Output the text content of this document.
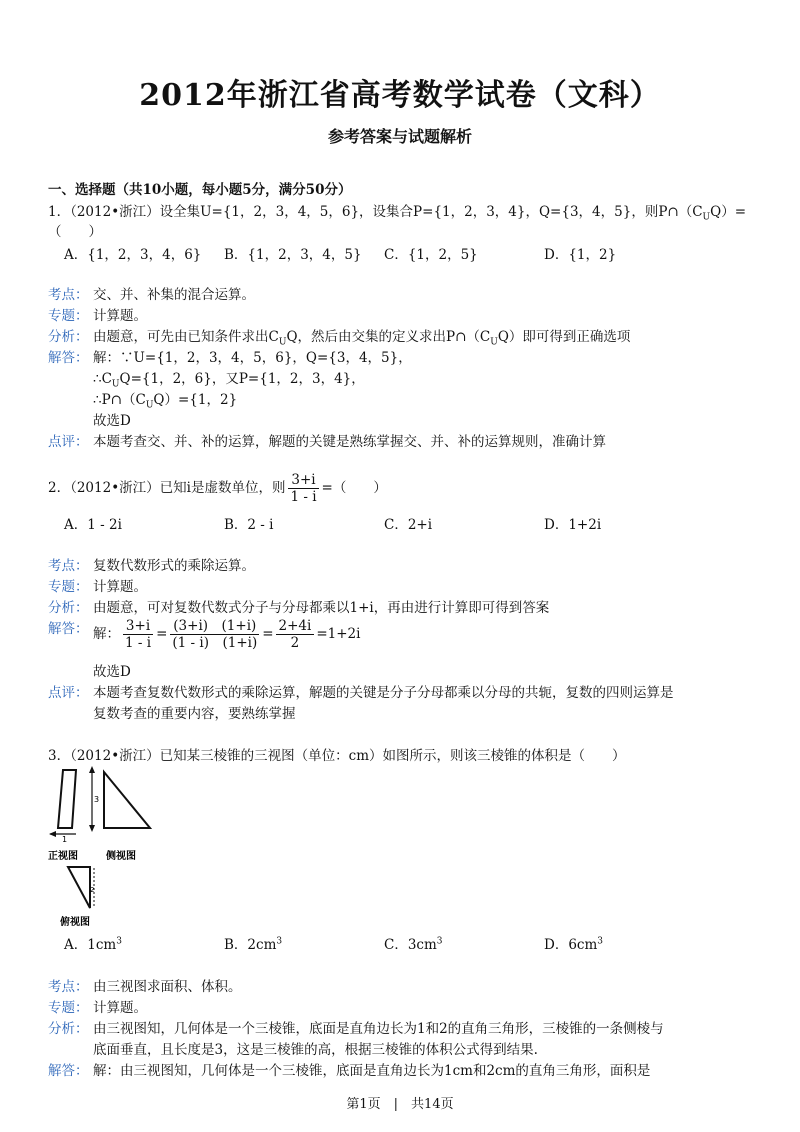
2012年浙江省高考数学试卷（文科）
参考答案与试题解析
一、选择题（共10小题，每小题5分，满分50分）
1．（2012•浙江）设全集U={1，2，3，4，5，6}，设集合P={1，2，3，4}，Q={3，4，5}，则$P\cap(C_UQ)=$
（　　）
A．{1，2，3，4，6} B．{1，2，3，4，5} C．{1，2，5}	D．{1，2}
考点： 交、并、补集的混合运算。
专题： 计算题。
分析： 由题意，可先由已知条件求出$C_UQ$，然后由交集的定义求出$P\cap(C_UQ)$即可得到正确选项
解答： 解：∵U={1，2，3，4，5，6}，Q={3，4，5}，
$\therefore C_UQ=\{1$，2，6}，又P={1，2，3，4}，
$\therefore P\cap(C_UQ)=\{1$，2}
故选D
点评： 本题考查交、并、补的运算，解题的关键是熟练掌握交、并、补的运算规则，准确计算
2．（2012•浙江）已知i是虚数单位，则 $\frac{3+i}{1 - i}$ =（　　）
A．1 - 2i	B．2 - i	C．2+i	D．1+2i
考点： 复数代数形式的乘除运算。
专题： 计算题。
分析： 由题意，可对复数代数式分子与分母都乘以1+i，再由进行计算即可得到答案
解答： 解： $\frac{3+i}{1 - i} = \frac{(3+i) (1+i)}{(1 - i) (1+i)} = \frac{2+4i}{2} =1+2i$
故选D
点评： 本题考查复数代数形式的乘除运算，解题的关键是分子分母都乘以分母的共轭，复数的四则运算是
复数考查的重要内容，要熟练掌握
3．（2012•浙江）已知某三棱锥的三视图（单位：cm）如图所示，则该三棱锥的体积是（　　）
3
1
正视图	侧视图
2
俯视图
A．$1cm^3$	B．$2cm^3$	C．$3cm^3$	D．$6cm^3$
考点： 由三视图求面积、体积。
专题： 计算题。
分析： 由三视图知，几何体是一个三棱锥，底面是直角边长为1和2的直角三角形，三棱锥的一条侧棱与
底面垂直，且长度是3，这是三棱锥的高，根据三棱锥的体积公式得到结果.
解答： 解：由三视图知，几何体是一个三棱锥，底面是直角边长为1cm和2cm的直角三角形，面积是
第1页　|　共14页
